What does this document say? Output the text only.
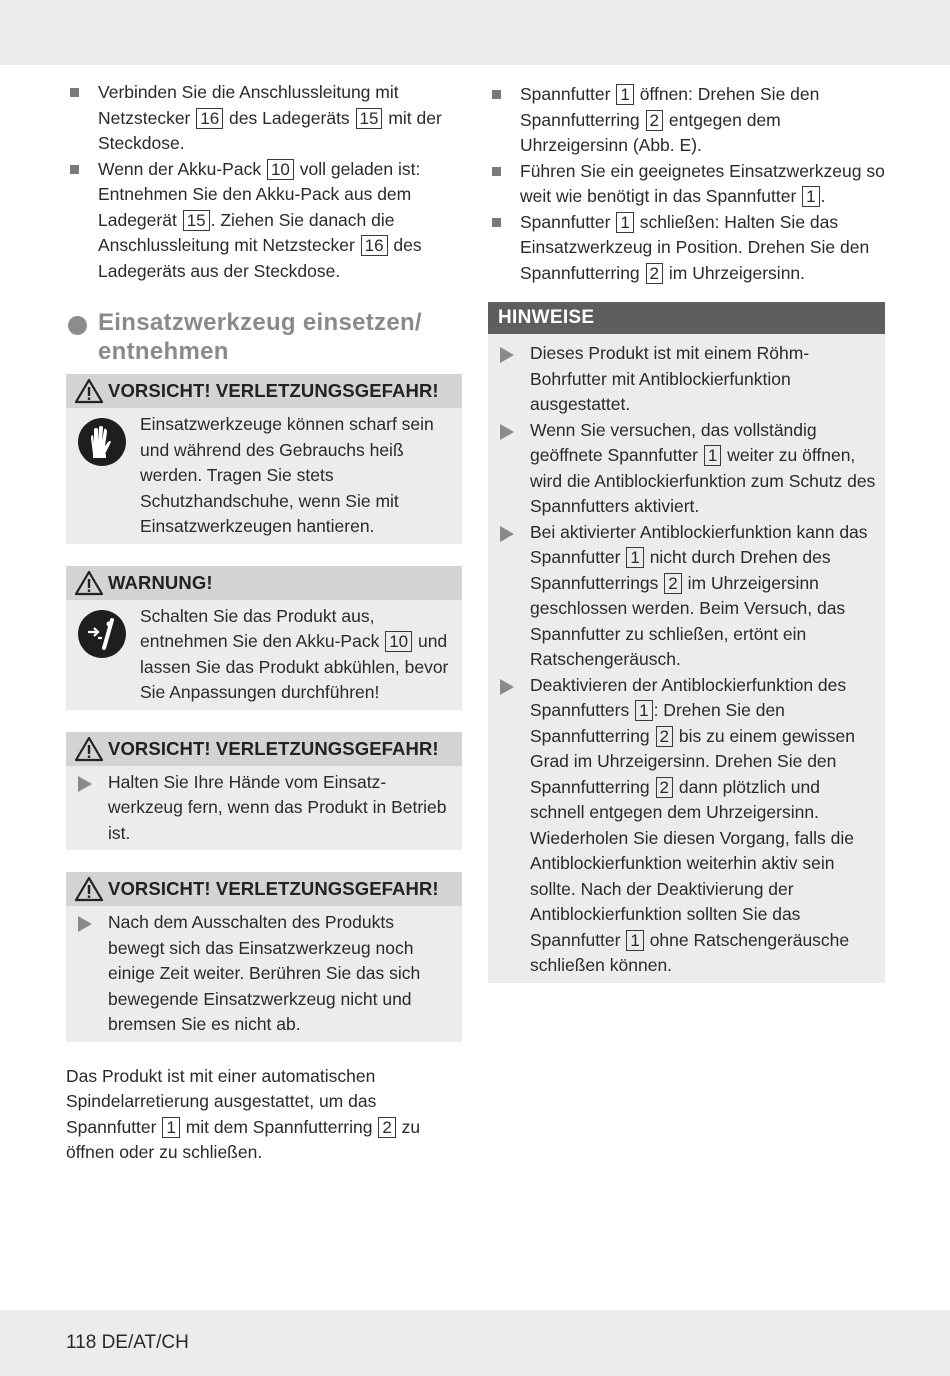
Verbinden Sie die Anschlussleitung mit Netzstecker 16 des Ladegeräts 15 mit der Steckdose.
Wenn der Akku-Pack 10 voll geladen ist: Entnehmen Sie den Akku-Pack aus dem Ladegerät 15 . Ziehen Sie danach die Anschlussleitung mit Netzstecker 16 des Ladegeräts aus der Steckdose.
Einsatzwerkzeug einsetzen/ entnehmen
VORSICHT! VERLETZUNGSGEFAHR!
Einsatzwerkzeuge können scharf sein und während des Gebrauchs heiß werden. Tragen Sie stets Schutzhandschuhe, wenn Sie mit Einsatzwerkzeugen hantieren.
WARNUNG!
Schalten Sie das Produkt aus, entnehmen Sie den Akku-Pack 10 und lassen Sie das Produkt abkühlen, bevor Sie Anpassungen durchführen!
VORSICHT! VERLETZUNGSGEFAHR!
Halten Sie Ihre Hände vom Einsatz-werkzeug fern, wenn das Produkt in Betrieb ist.
VORSICHT! VERLETZUNGSGEFAHR!
Nach dem Ausschalten des Produkts bewegt sich das Einsatzwerkzeug noch einige Zeit weiter. Berühren Sie das sich bewegende Einsatzwerkzeug nicht und bremsen Sie es nicht ab.

Das Produkt ist mit einer automatischen Spindelarretierung ausgestattet, um das Spannfutter 1 mit dem Spannfutterring 2 zu öffnen oder zu schließen.

Spannfutter 1 öffnen: Drehen Sie den Spannfutterring 2 entgegen dem Uhrzeigersinn (Abb. E).
Führen Sie ein geeignetes Einsatzwerkzeug so weit wie benötigt in das Spannfutter 1 .
Spannfutter 1 schließen: Halten Sie das Einsatzwerkzeug in Position. Drehen Sie den Spannfutterring 2 im Uhrzeigersinn.
HINWEISE
Dieses Produkt ist mit einem Röhm-Bohrfutter mit Antiblockierfunktion ausgestattet.
Wenn Sie versuchen, das vollständig geöffnete Spannfutter 1 weiter zu öffnen, wird die Antiblockierfunktion zum Schutz des Spannfutters aktiviert.
Bei aktivierter Antiblockierfunktion kann das Spannfutter 1 nicht durch Drehen des Spannfutterrings 2 im Uhrzeigersinn geschlossen werden. Beim Versuch, das Spannfutter zu schließen, ertönt ein Ratschengeräusch.
Deaktivieren der Antiblockierfunktion des Spannfutters 1 : Drehen Sie den Spannfutterring 2 bis zu einem gewissen Grad im Uhrzeigersinn. Drehen Sie den Spannfutterring 2 dann plötzlich und schnell entgegen dem Uhrzeigersinn. Wiederholen Sie diesen Vorgang, falls die Antiblockierfunktion weiterhin aktiv sein sollte. Nach der Deaktivierung der Antiblockierfunktion sollten Sie das Spannfutter 1 ohne Ratschengeräusche schließen können.
118 DE/AT/CH
